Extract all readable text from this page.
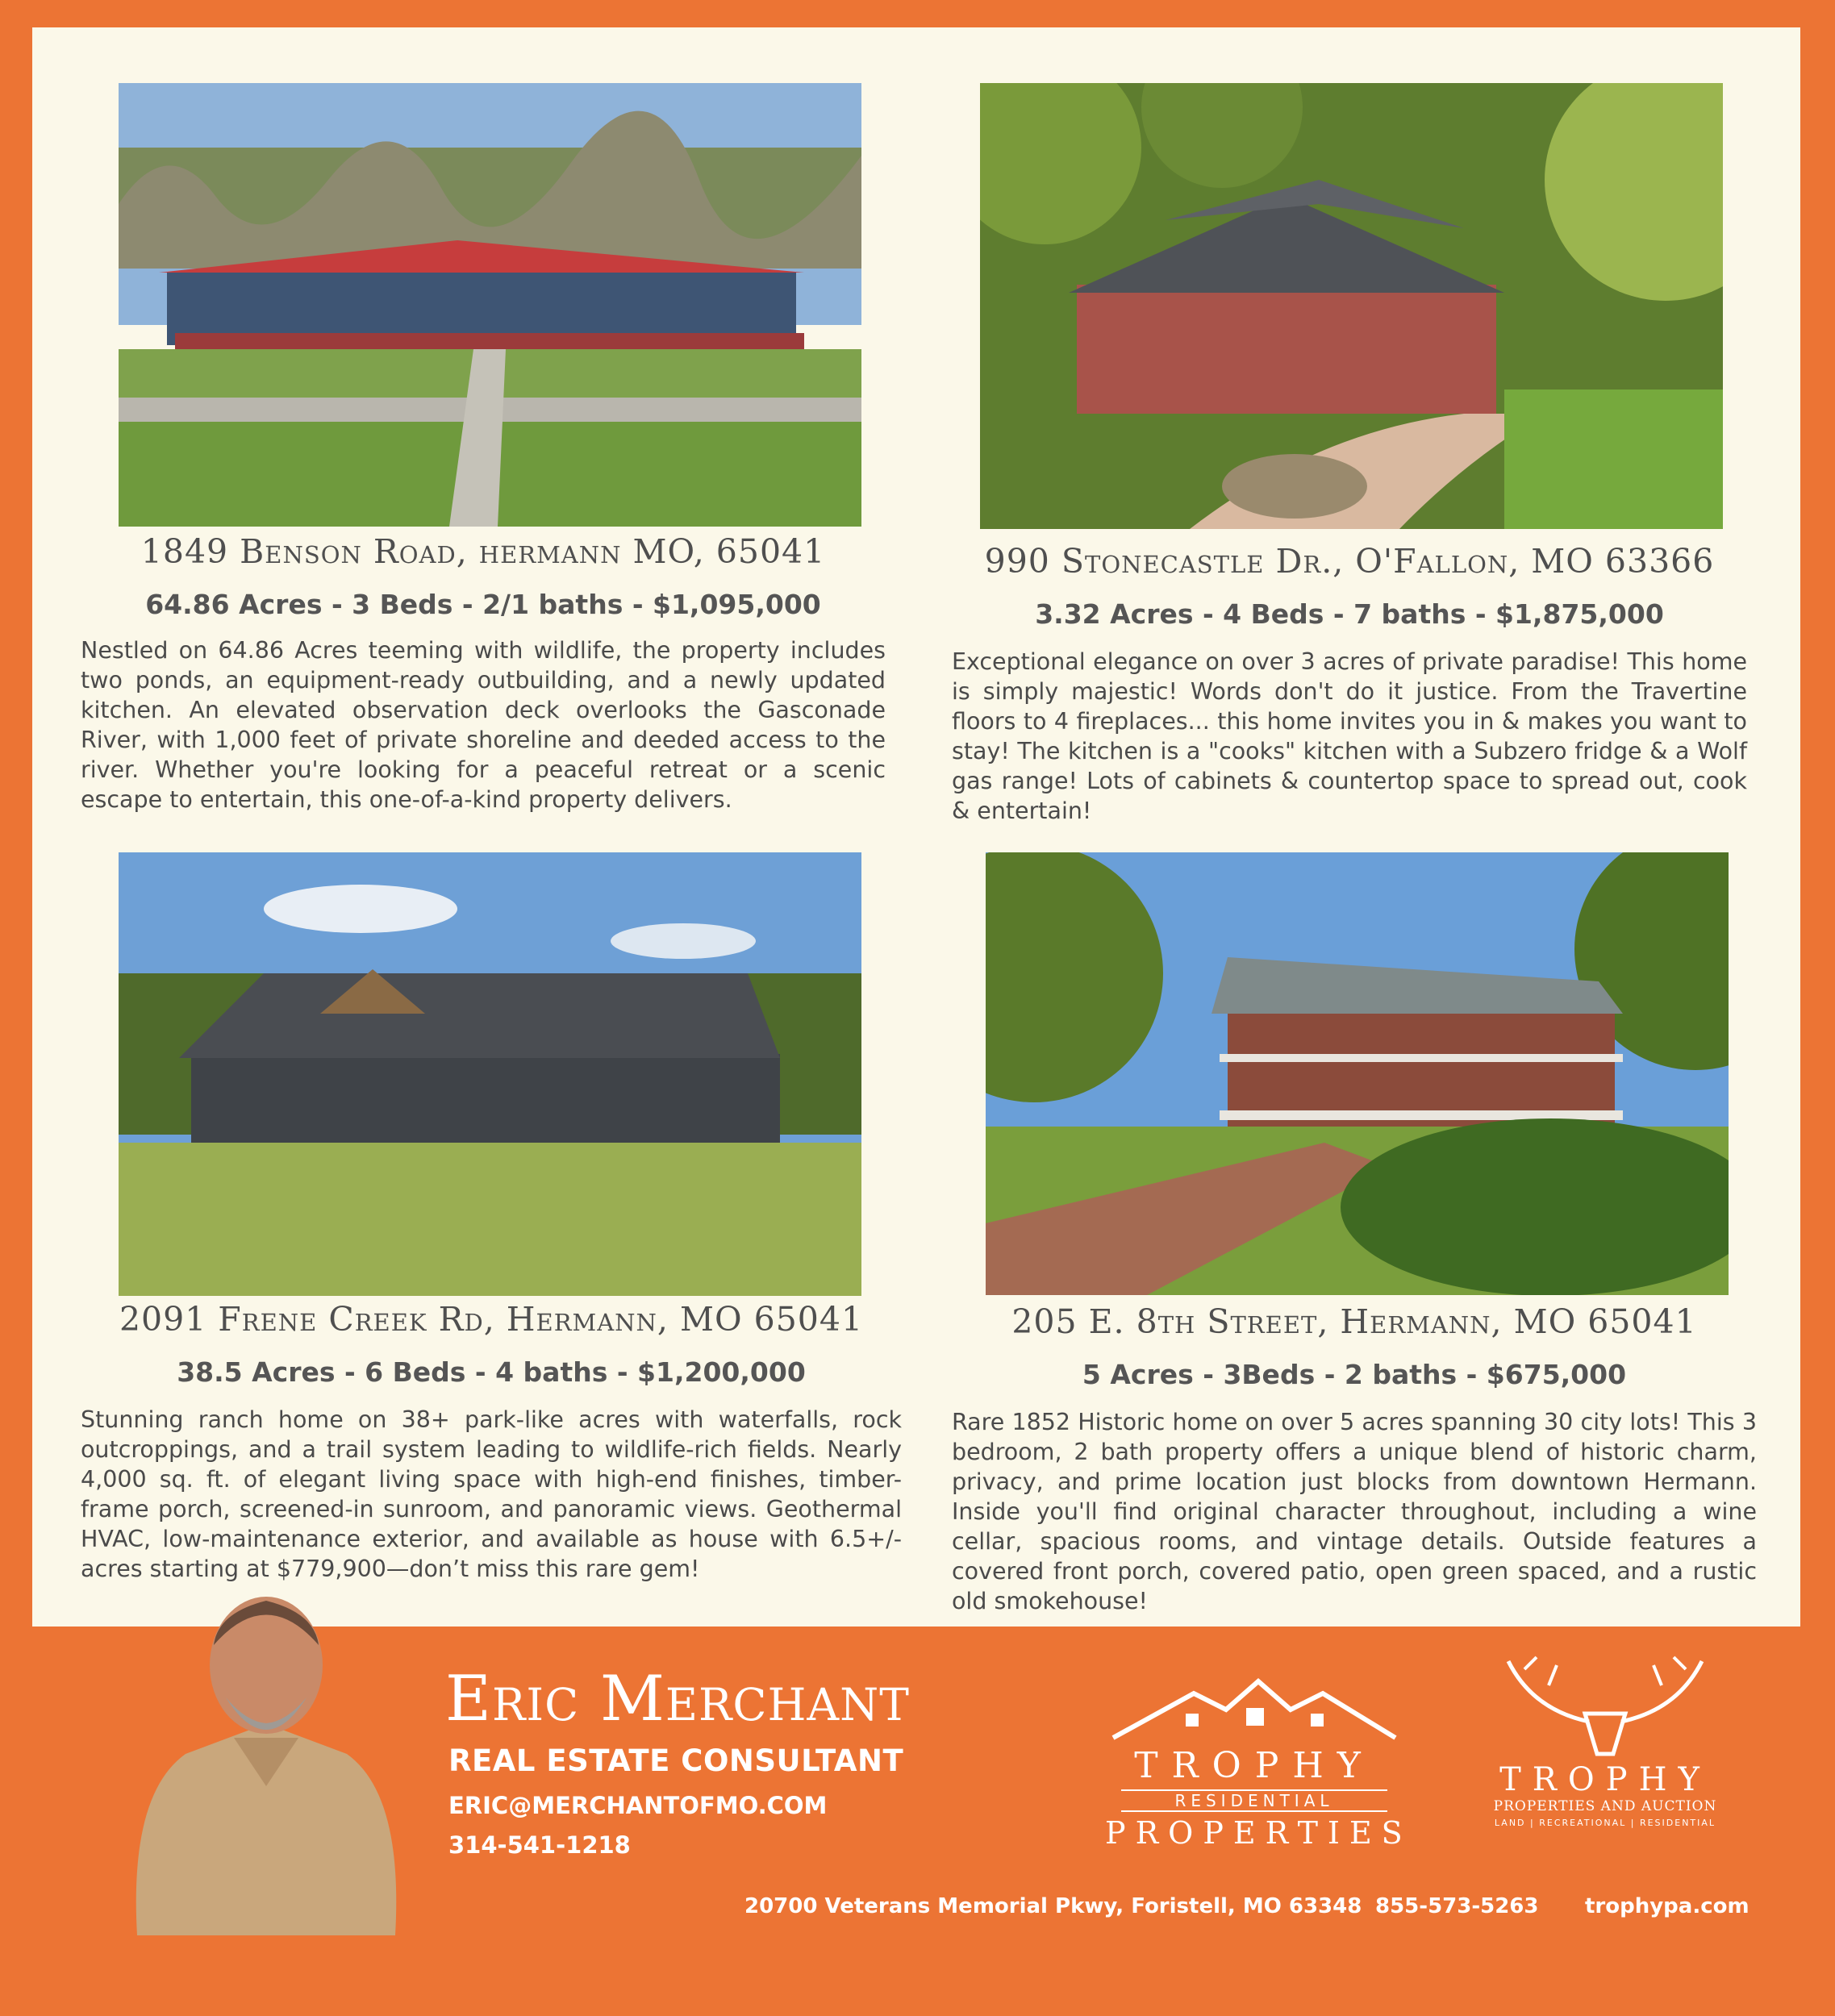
1849 Benson Road, hermann MO, 65041
64.86 Acres - 3 Beds - 2/1 baths - $1,095,000
Nestled on 64.86 Acres teeming with wildlife, the property includes two ponds, an equipment-ready outbuilding, and a newly updated kitchen. An elevated observation deck overlooks the Gasconade River, with 1,000 feet of private shoreline and deeded access to the river. Whether you're looking for a peaceful retreat or a scenic escape to entertain, this one-of-a-kind property delivers.
990 Stonecastle Dr., O'Fallon, MO 63366
3.32 Acres - 4 Beds - 7 baths - $1,875,000
Exceptional elegance on over 3 acres of private paradise! This home is simply majestic! Words don't do it justice. From the Travertine floors to 4 fireplaces... this home invites you in & makes you want to stay! The kitchen is a "cooks" kitchen with a Subzero fridge & a Wolf gas range! Lots of cabinets & countertop space to spread out, cook & entertain!
2091 Frene Creek Rd, Hermann, MO 65041
38.5 Acres - 6 Beds - 4 baths - $1,200,000
Stunning ranch home on 38+ park-like acres with waterfalls, rock outcroppings, and a trail system leading to wildlife-rich fields. Nearly 4,000 sq. ft. of elegant living space with high-end finishes, timber-frame porch, screened-in sunroom, and panoramic views. Geothermal HVAC, low-maintenance exterior, and available as house with 6.5+/- acres starting at $779,900—don’t miss this rare gem!
205 E. 8th Street, Hermann, MO 65041
5 Acres - 3Beds - 2 baths - $675,000
Rare 1852 Historic home on over 5 acres spanning 30 city lots! This 3 bedroom, 2 bath property offers a unique blend of historic charm, privacy, and prime location just blocks from downtown Hermann. Inside you'll find original character throughout, including a wine cellar, spacious rooms, and vintage details. Outside features a covered front porch, covered patio, open green spaced, and a rustic old smokehouse!
Eric Merchant
REAL ESTATE CONSULTANT
ERIC@MERCHANTOFMO.COM
314-541-1218
TROPHY
RESIDENTIAL
PROPERTIES
TROPHY
PROPERTIES AND AUCTION
LAND | RECREATIONAL | RESIDENTIAL
20700 Veterans Memorial Pkwy, Foristell, MO 63348 855-573-5263 trophypa.com
